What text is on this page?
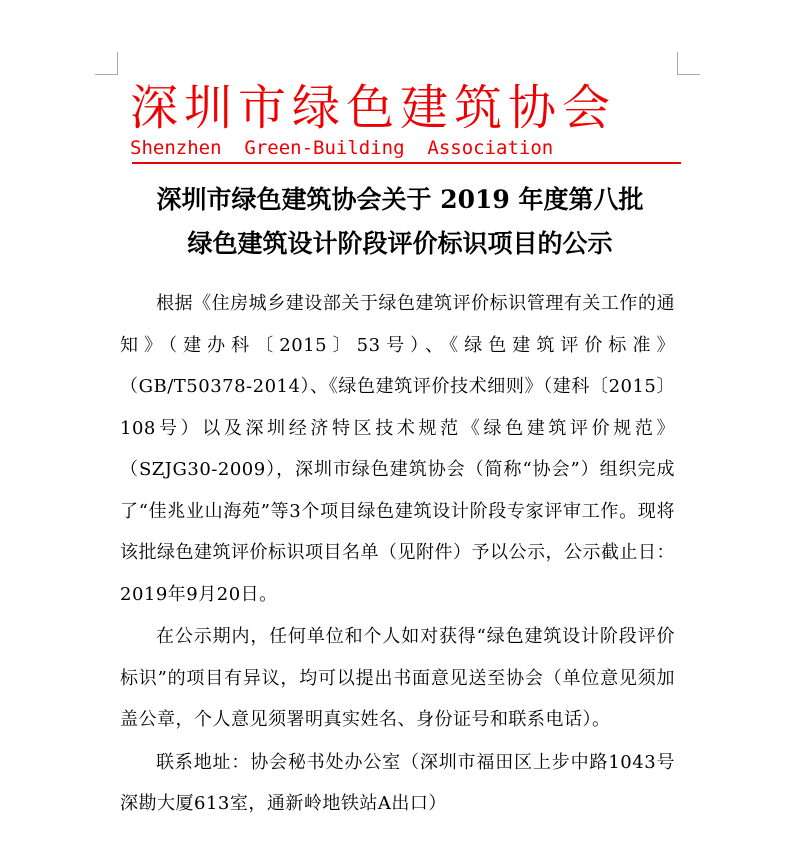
深圳市绿色建筑协会
Shenzhen  Green-Building  Association
深圳市绿色建筑协会关于 2019 年度第八批
绿色建筑设计阶段评价标识项目的公示

根据《住房城乡建设部关于绿色建筑评价标识管理有关工作的通知》（建办科〔2015〕53号）、《绿色建筑评价标准》（GB/T50378-2014）、《绿色建筑评价技术细则》（建科〔2015〕108号）以及深圳经济特区技术规范《绿色建筑评价规范》（SZJG30-2009），深圳市绿色建筑协会（简称“协会”）组织完成了“佳兆业山海苑”等3个项目绿色建筑设计阶段专家评审工作。现将该批绿色建筑评价标识项目名单（见附件）予以公示，公示截止日：2019年9月20日。

在公示期内，任何单位和个人如对获得“绿色建筑设计阶段评价标识”的项目有异议，均可以提出书面意见送至协会（单位意见须加盖公章，个人意见须署明真实姓名、身份证号和联系电话）。

联系地址：协会秘书处办公室（深圳市福田区上步中路1043号深勘大厦613室，通新岭地铁站A出口）
